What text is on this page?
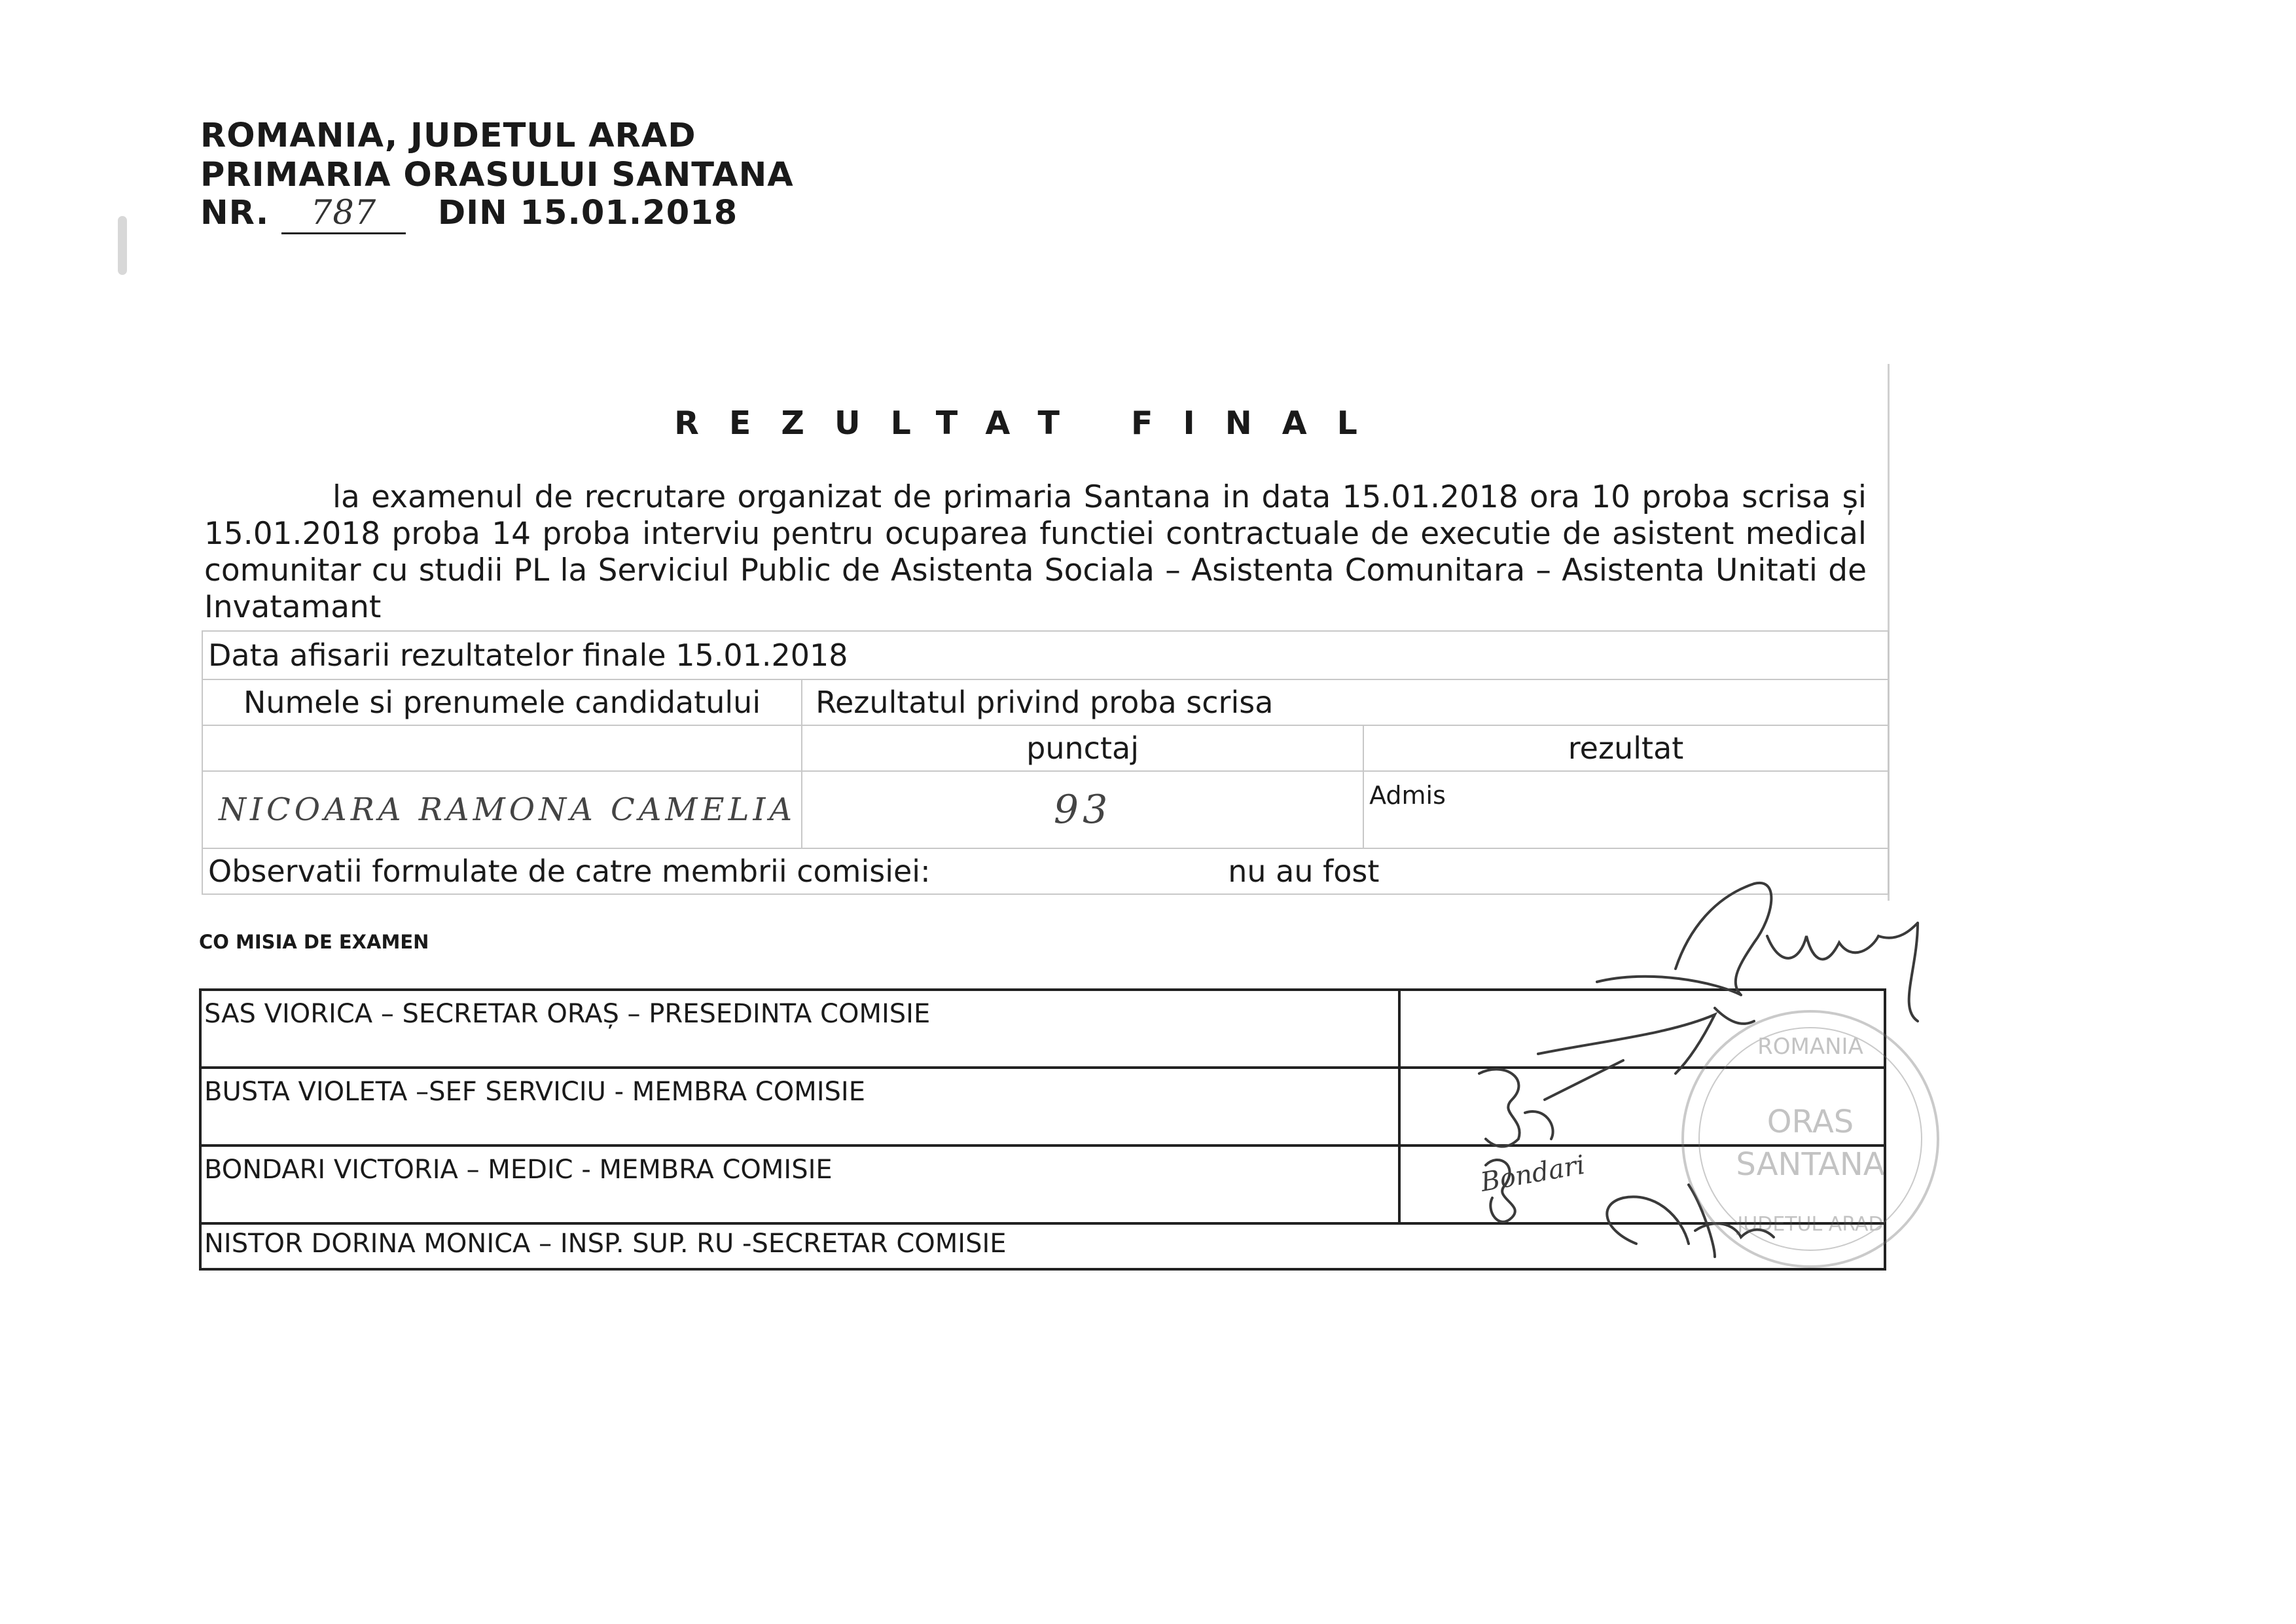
ROMANIA, JUDETUL ARAD
PRIMARIA ORASULUI SANTANA
NR. 787 DIN 15.01.2018
REZULTAT FINAL

la examenul de recrutare organizat de primaria Santana in data 15.01.2018 ora 10 proba scrisa și 15.01.2018 proba 14 proba interviu pentru ocuparea functiei contractuale de executie de asistent medical comunitar cu studii PL la Serviciul Public de Asistenta Sociala – Asistenta Comunitara – Asistenta Unitati de Invatamant

Data afisarii rezultatelor finale 15.01.2018		
Numele si prenumele candidatului	Rezultatul privind proba scrisa	
	punctaj	rezultat
NICOARA RAMONA CAMELIA	93	Admis
Observatii formulate de catre membrii comisiei: nu au fost		
CO MISIA DE EXAMEN
SAS VIORICA – SECRETAR ORAȘ – PRESEDINTA COMISIE	
BUSTA VIOLETA –SEF SERVICIU - MEMBRA COMISIE	
BONDARI VICTORIA – MEDIC - MEMBRA COMISIE	
NISTOR DORINA MONICA – INSP. SUP. RU -SECRETAR COMISIE	
Bondari
ROMANIA
ORAS
SANTANA
JUDETUL ARAD
